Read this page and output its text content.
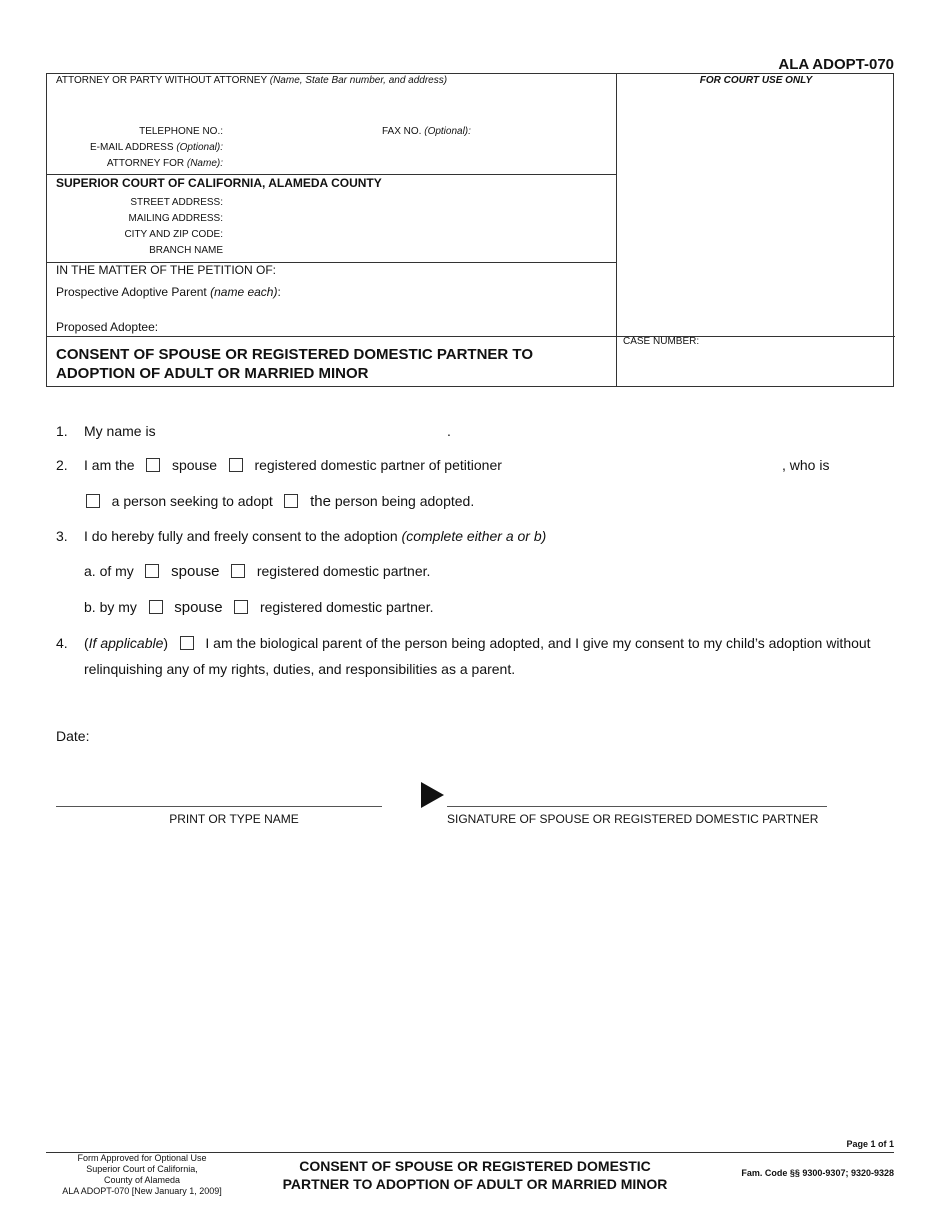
ALA ADOPT-070
ATTORNEY OR PARTY WITHOUT ATTORNEY (Name, State Bar number, and address)	FOR COURT USE ONLY
TELEPHONE NO.:	FAX NO. (Optional):
E-MAIL ADDRESS (Optional):
ATTORNEY FOR (Name):
SUPERIOR COURT OF CALIFORNIA, ALAMEDA COUNTY
STREET ADDRESS:
MAILING ADDRESS:
CITY AND ZIP CODE:
BRANCH NAME
IN THE MATTER OF THE PETITION OF:
Prospective Adoptive Parent (name each):
Proposed Adoptee:
CASE NUMBER:
CONSENT OF SPOUSE OR REGISTERED DOMESTIC PARTNER TO
ADOPTION OF ADULT OR MARRIED MINOR
1. My name is	.
2. I am the	spouse	registered domestic partner of petitioner	, who is
a person seeking to adopt the person being adopted.
3. I do hereby fully and freely consent to the adoption (complete either a or b)
a. of my spouse	registered domestic partner.
b. by my spouse	registered domestic partner.
4. (If applicable)      I am the biological parent of the person being adopted, and I give my consent to my child’s adoption without
relinquishing any of my rights, duties, and responsibilities as a parent.
Date:
PRINT OR TYPE NAME	SIGNATURE OF SPOUSE OR REGISTERED DOMESTIC PARTNER
Page 1 of 1
Form Approved for Optional Use
Superior Court of California,
County of Alameda
ALA ADOPT-070 [New January 1, 2009]
CONSENT OF SPOUSE OR REGISTERED DOMESTIC
PARTNER TO ADOPTION OF ADULT OR MARRIED MINOR
Fam. Code §§ 9300-9307; 9320-9328
